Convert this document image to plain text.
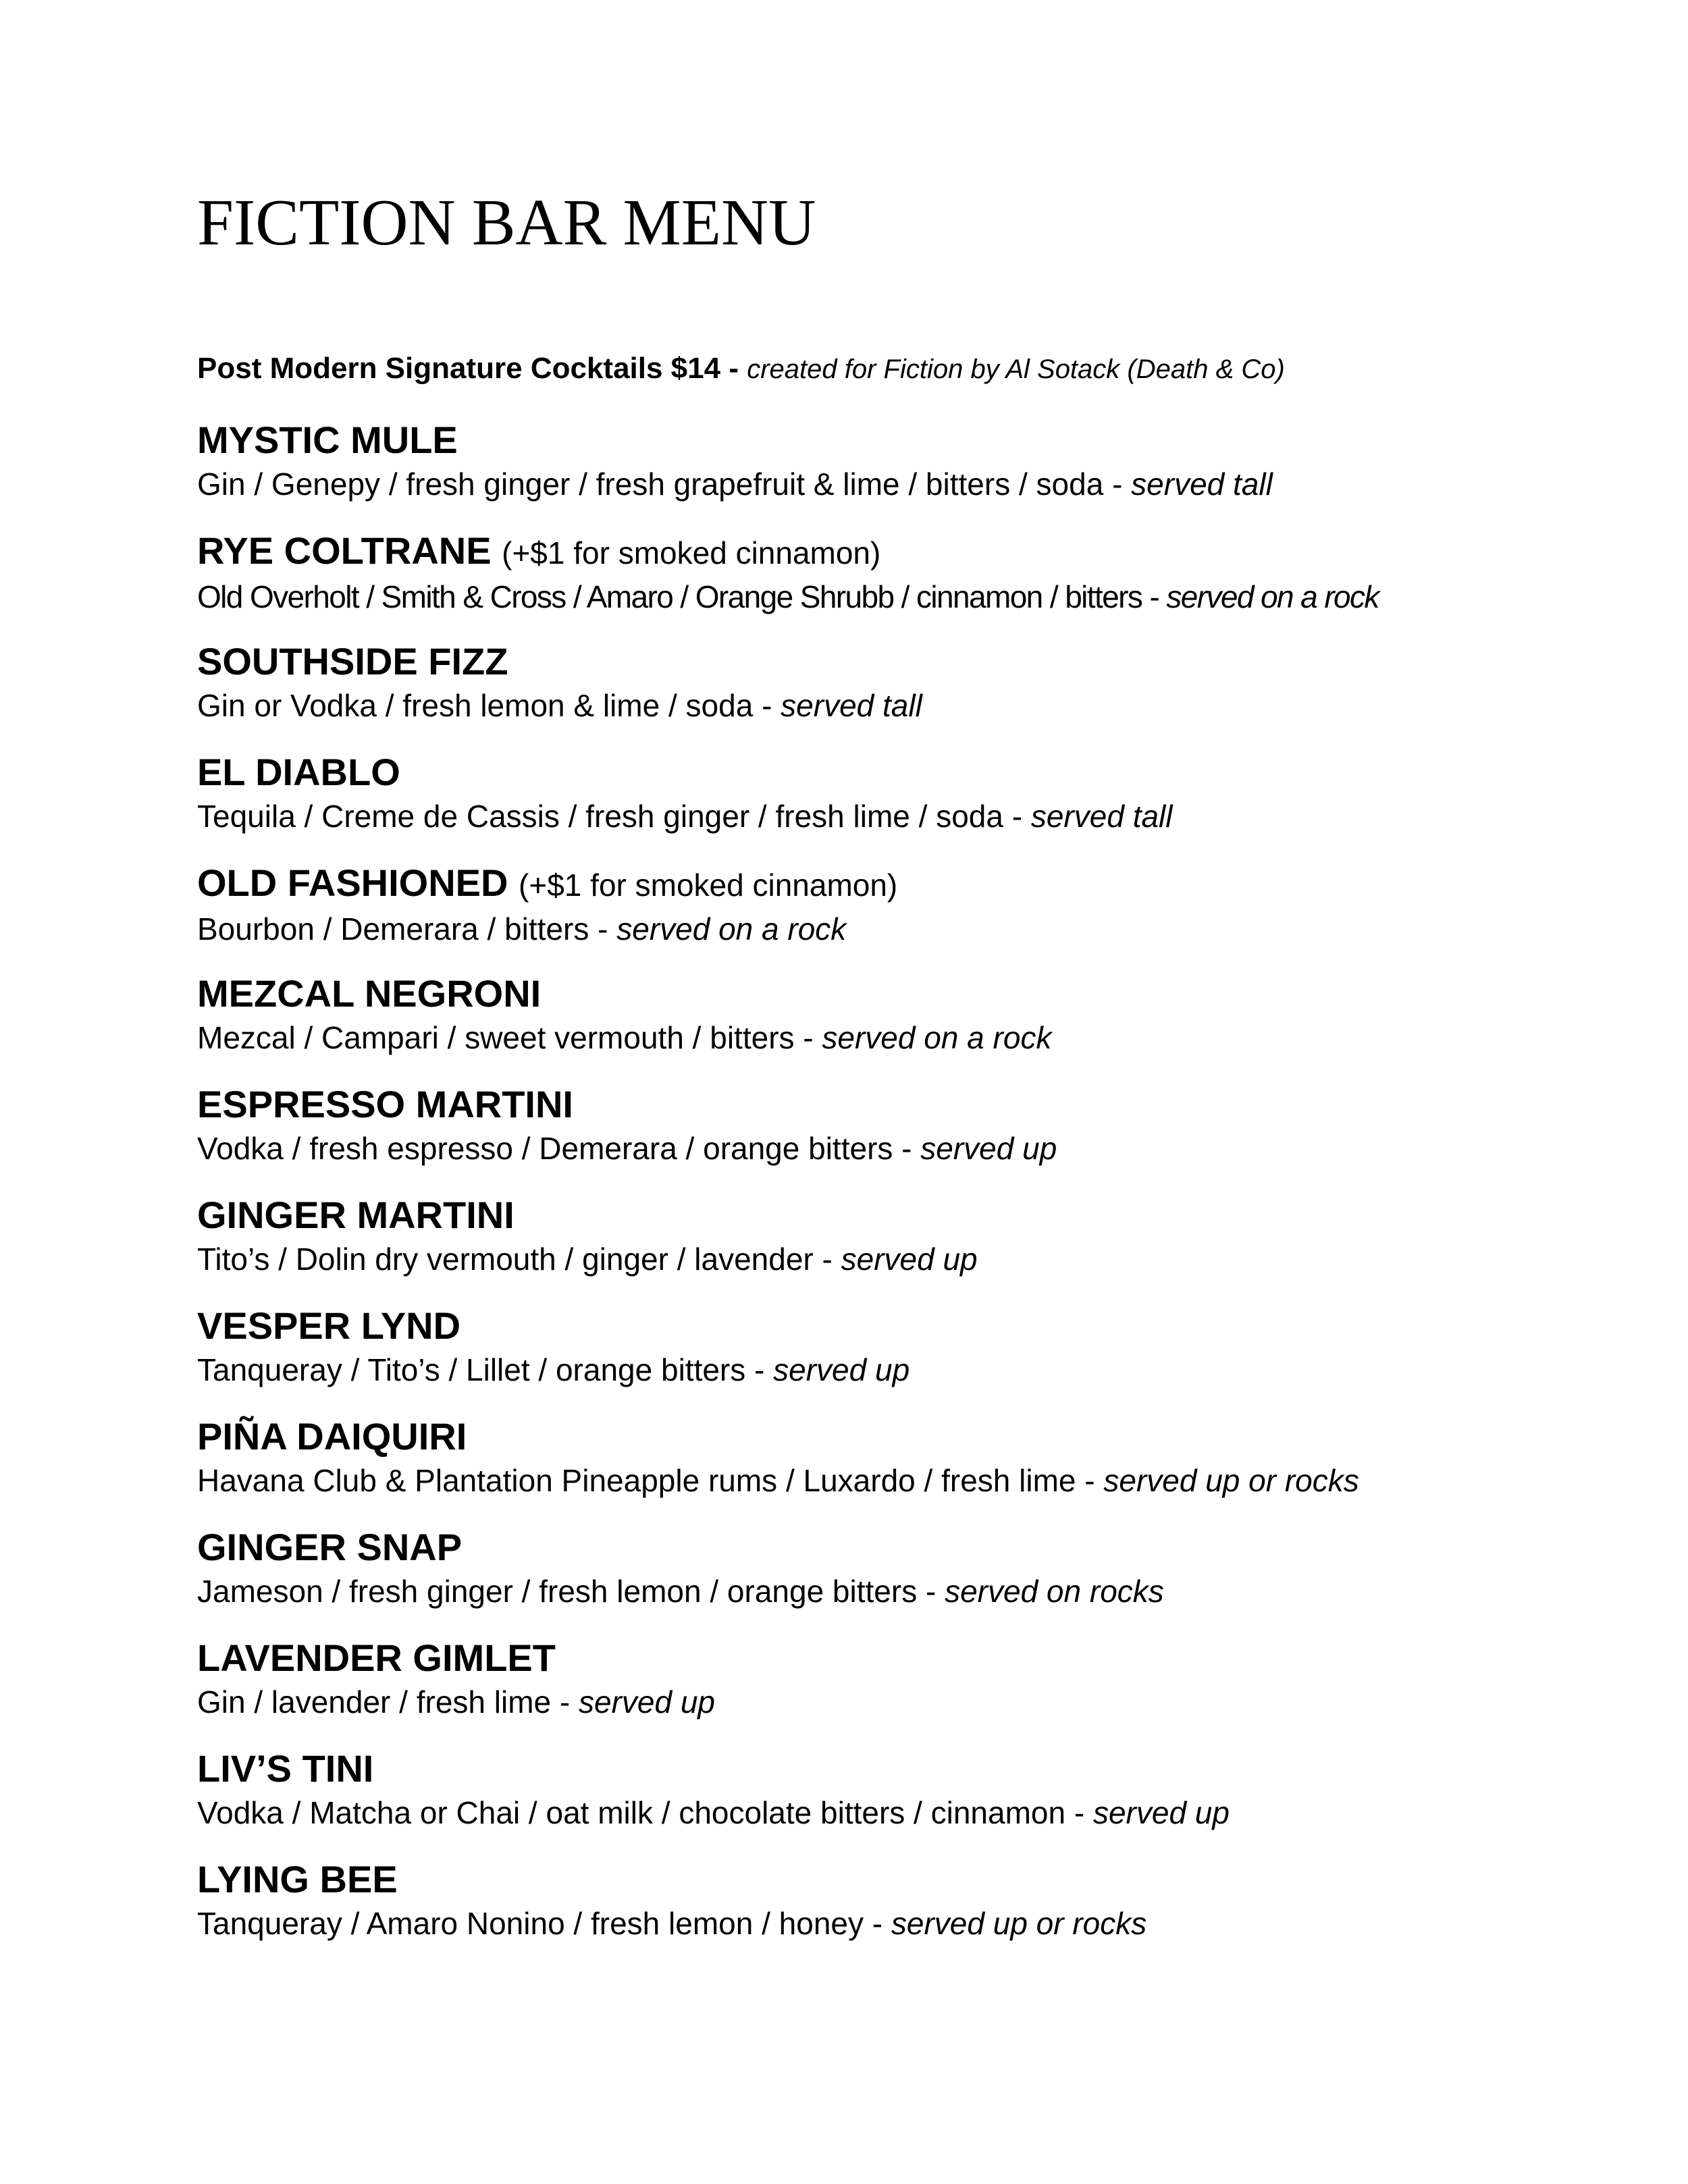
FICTION BAR MENU
Post Modern Signature Cocktails $14 - created for Fiction by Al Sotack (Death & Co)
MYSTIC MULE
Gin / Genepy / fresh ginger / fresh grapefruit & lime / bitters / soda - served tall
RYE COLTRANE (+$1 for smoked cinnamon)
Old Overholt / Smith & Cross / Amaro / Orange Shrubb / cinnamon / bitters - served on a rock
SOUTHSIDE FIZZ
Gin or Vodka / fresh lemon & lime / soda - served tall
EL DIABLO
Tequila / Creme de Cassis / fresh ginger / fresh lime / soda - served tall
OLD FASHIONED (+$1 for smoked cinnamon)
Bourbon / Demerara / bitters - served on a rock
MEZCAL NEGRONI
Mezcal / Campari / sweet vermouth / bitters - served on a rock
ESPRESSO MARTINI
Vodka / fresh espresso / Demerara / orange bitters - served up
GINGER MARTINI
Tito’s / Dolin dry vermouth / ginger / lavender - served up
VESPER LYND
Tanqueray / Tito’s / Lillet / orange bitters - served up
PIÑA DAIQUIRI
Havana Club & Plantation Pineapple rums / Luxardo / fresh lime - served up or rocks
GINGER SNAP
Jameson / fresh ginger / fresh lemon / orange bitters - served on rocks
LAVENDER GIMLET
Gin / lavender / fresh lime - served up
LIV’S TINI
Vodka / Matcha or Chai / oat milk / chocolate bitters / cinnamon - served up
LYING BEE
Tanqueray / Amaro Nonino / fresh lemon / honey - served up or rocks
